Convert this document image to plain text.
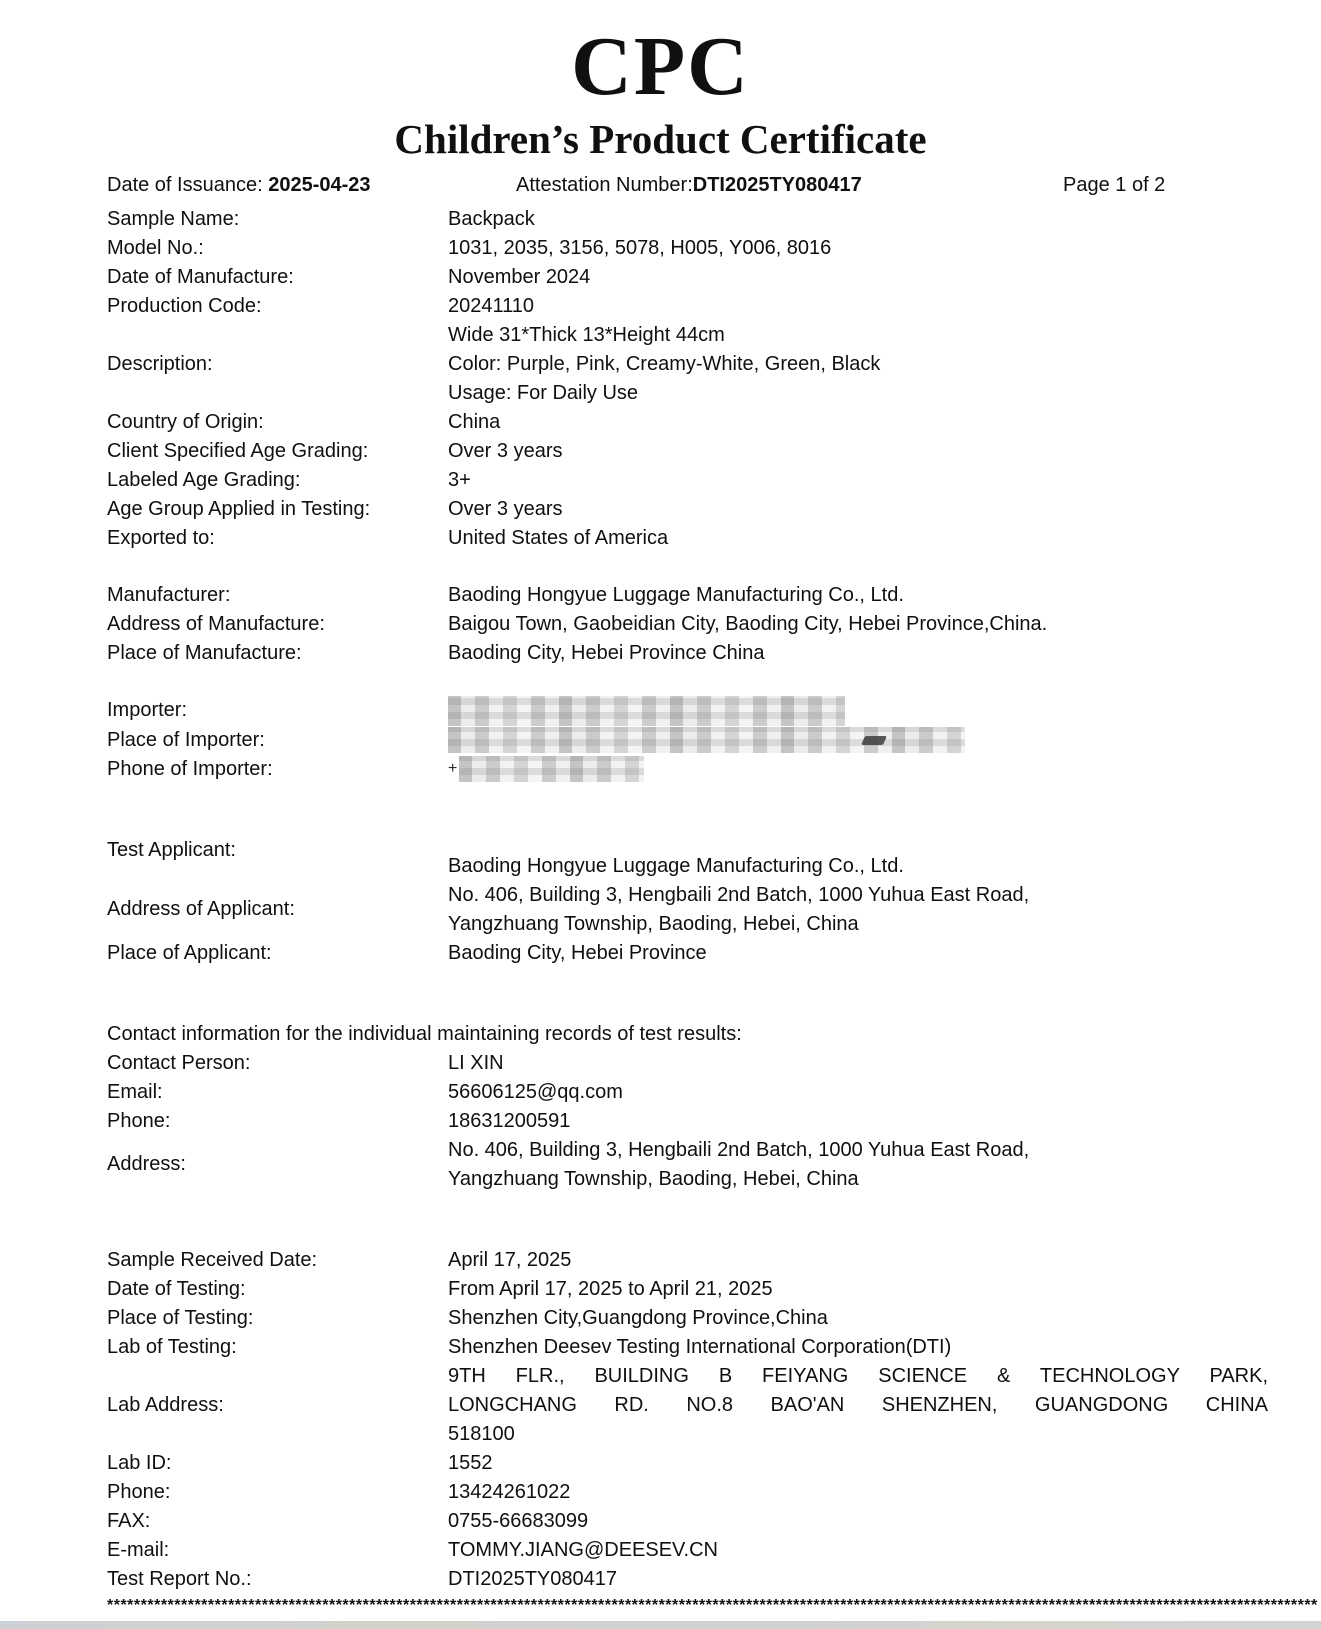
CPC
Children’s Product Certificate
Date of Issuance: 2025-04-23	Attestation Number:DTI2025TY080417	Page 1 of 2
Sample Name:	Backpack
Model No.:	1031, 2035, 3156, 5078, H005, Y006, 8016
Date of Manufacture:	November 2024
Production Code:	20241110
Description:
Wide 31*Thick 13*Height 44cm
Color: Purple, Pink, Creamy-White, Green, Black
Usage: For Daily Use
Country of Origin:	China
Client Specified Age Grading:	Over 3 years
Labeled Age Grading:	3+
Age Group Applied in Testing:	Over 3 years
Exported to:	United States of America
Manufacturer:	Baoding Hongyue Luggage Manufacturing Co., Ltd.
Address of Manufacture:	Baigou Town, Gaobeidian City, Baoding City, Hebei Province,China.
Place of Manufacture:	Baoding City, Hebei Province China
Importer:
Place of Importer:
Phone of Importer:	+
Test Applicant:
Baoding Hongyue Luggage Manufacturing Co., Ltd.
Address of Applicant:
No. 406, Building 3, Hengbaili 2nd Batch, 1000 Yuhua East Road,
Yangzhuang Township, Baoding, Hebei, China
Place of Applicant:	Baoding City, Hebei Province
Contact information for the individual maintaining records of test results:
Contact Person:	LI XIN
Email:	56606125@qq.com
Phone:	18631200591
Address:
No. 406, Building 3, Hengbaili 2nd Batch, 1000 Yuhua East Road,
Yangzhuang Township, Baoding, Hebei, China
Sample Received Date:	April 17, 2025
Date of Testing:	From April 17, 2025 to April 21, 2025
Place of Testing:	Shenzhen City,Guangdong Province,China
Lab of Testing:	Shenzhen Deesev Testing International Corporation(DTI)
Lab Address:
9TH FLR., BUILDING B FEIYANG SCIENCE & TECHNOLOGY PARK,
LONGCHANG RD. NO.8 BAO'AN SHENZHEN, GUANGDONG CHINA
518100
Lab ID:	1552
Phone:	13424261022
FAX:	0755-66683099
E-mail:	TOMMY.JIANG@DEESEV.CN
Test Report No.:	DTI2025TY080417
************************************************************************************************************************************************************************************
